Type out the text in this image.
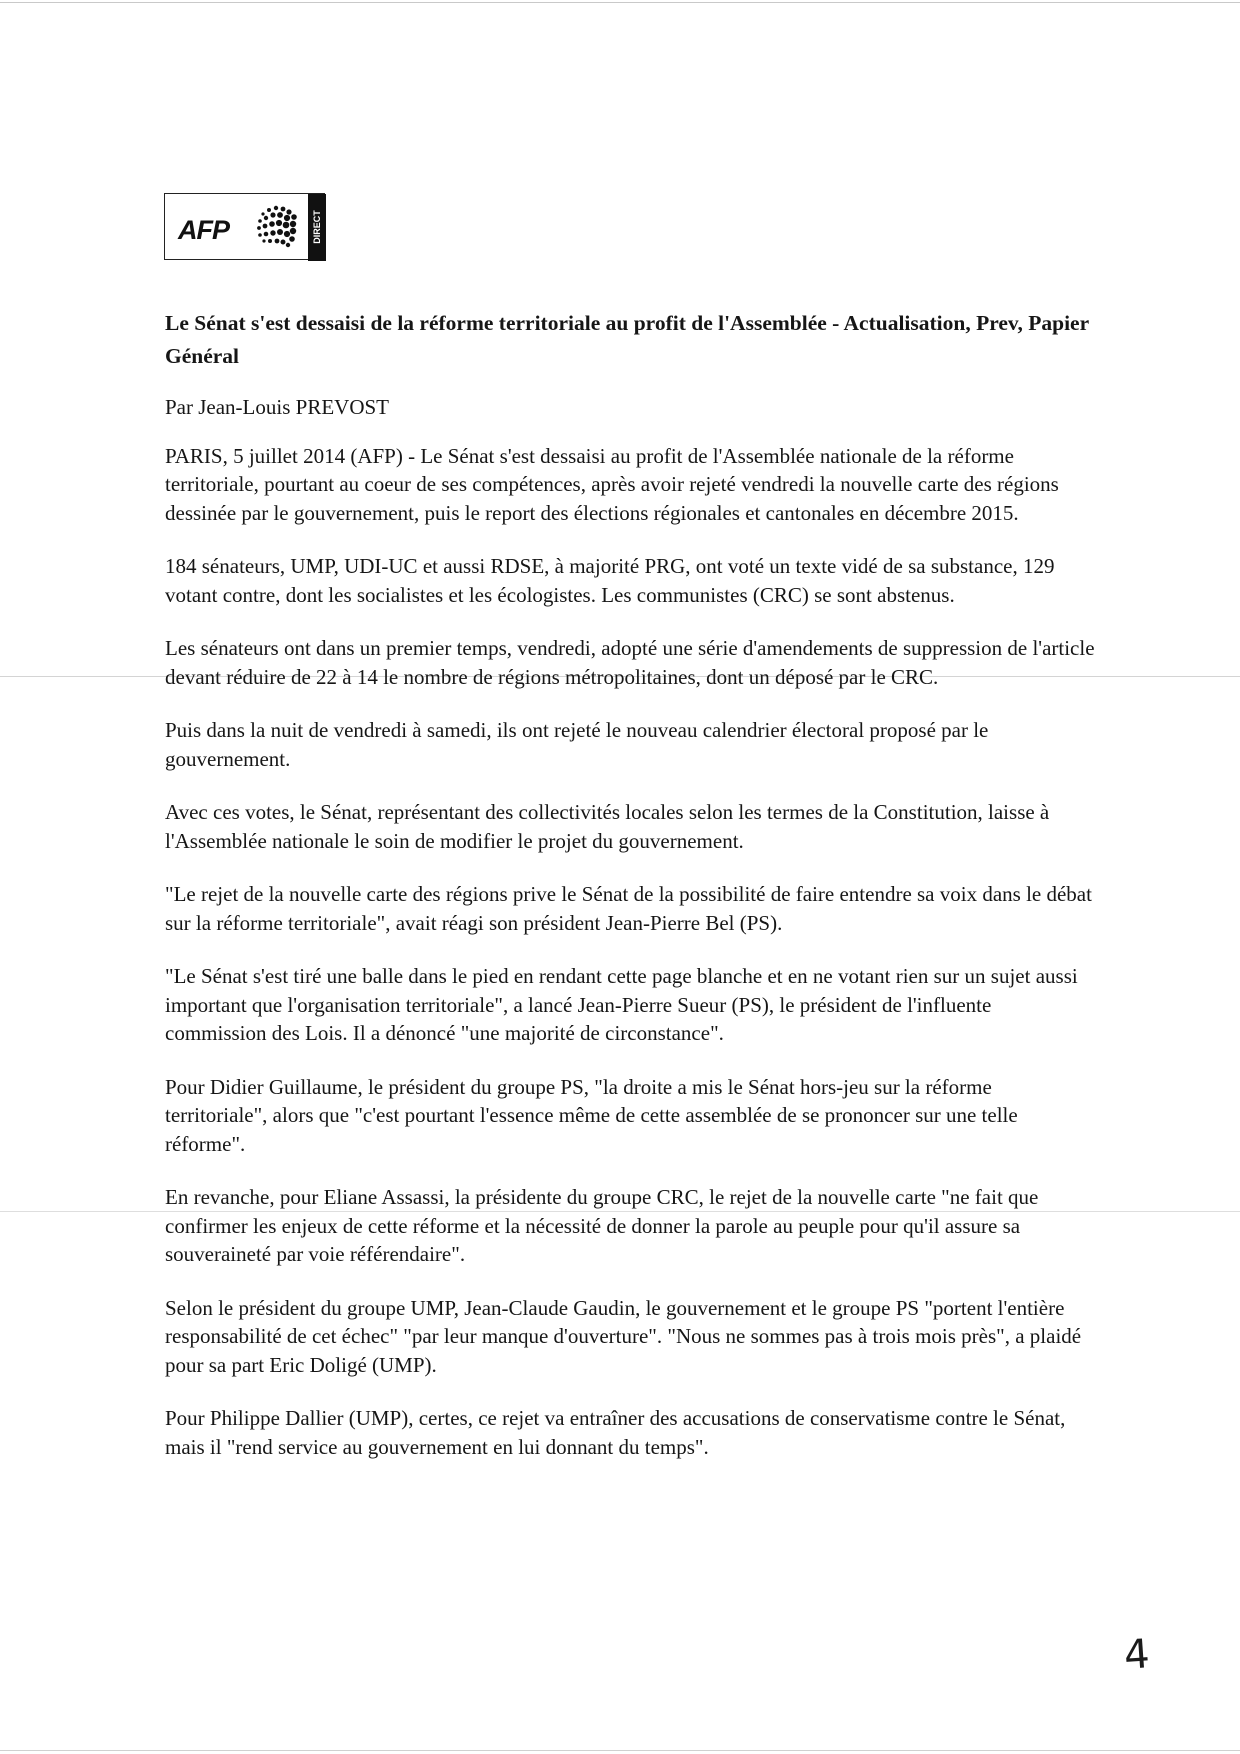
AFP	DIRECT
Le Sénat s'est dessaisi de la réforme territoriale au profit de l'Assemblée - Actualisation, Prev, Papier Général
Par Jean-Louis PREVOST
PARIS, 5 juillet 2014 (AFP) - Le Sénat s'est dessaisi au profit de l'Assemblée nationale de la réforme territoriale, pourtant au coeur de ses compétences, après avoir rejeté vendredi la nouvelle carte des régions dessinée par le gouvernement, puis le report des élections régionales et cantonales en décembre 2015.
184 sénateurs, UMP, UDI-UC et aussi RDSE, à majorité PRG, ont voté un texte vidé de sa substance, 129 votant contre, dont les socialistes et les écologistes. Les communistes (CRC) se sont abstenus.
Les sénateurs ont dans un premier temps, vendredi, adopté une série d'amendements de suppression de l'article devant réduire de 22 à 14 le nombre de régions métropolitaines, dont un déposé par le CRC.
Puis dans la nuit de vendredi à samedi, ils ont rejeté le nouveau calendrier électoral proposé par le gouvernement.
Avec ces votes, le Sénat, représentant des collectivités locales selon les termes de la Constitution, laisse à l'Assemblée nationale le soin de modifier le projet du gouvernement.
"Le rejet de la nouvelle carte des régions prive le Sénat de la possibilité de faire entendre sa voix dans le débat sur la réforme territoriale", avait réagi son président Jean-Pierre Bel (PS).
"Le Sénat s'est tiré une balle dans le pied en rendant cette page blanche et en ne votant rien sur un sujet aussi important que l'organisation territoriale", a lancé Jean-Pierre Sueur (PS), le président de l'influente commission des Lois. Il a dénoncé "une majorité de circonstance".
Pour Didier Guillaume, le président du groupe PS, "la droite a mis le Sénat hors-jeu sur la réforme territoriale", alors que "c'est pourtant l'essence même de cette assemblée de se prononcer sur une telle réforme".
En revanche, pour Eliane Assassi, la présidente du groupe CRC, le rejet de la nouvelle carte "ne fait que confirmer les enjeux de cette réforme et la nécessité de donner la parole au peuple pour qu'il assure sa souveraineté par voie référendaire".
Selon le président du groupe UMP, Jean-Claude Gaudin, le gouvernement et le groupe PS "portent l'entière responsabilité de cet échec" "par leur manque d'ouverture". "Nous ne sommes pas à trois mois près", a plaidé pour sa part Eric Doligé (UMP).
Pour Philippe Dallier (UMP), certes, ce rejet va entraîner des accusations de conservatisme contre le Sénat, mais il "rend service au gouvernement en lui donnant du temps".
4
